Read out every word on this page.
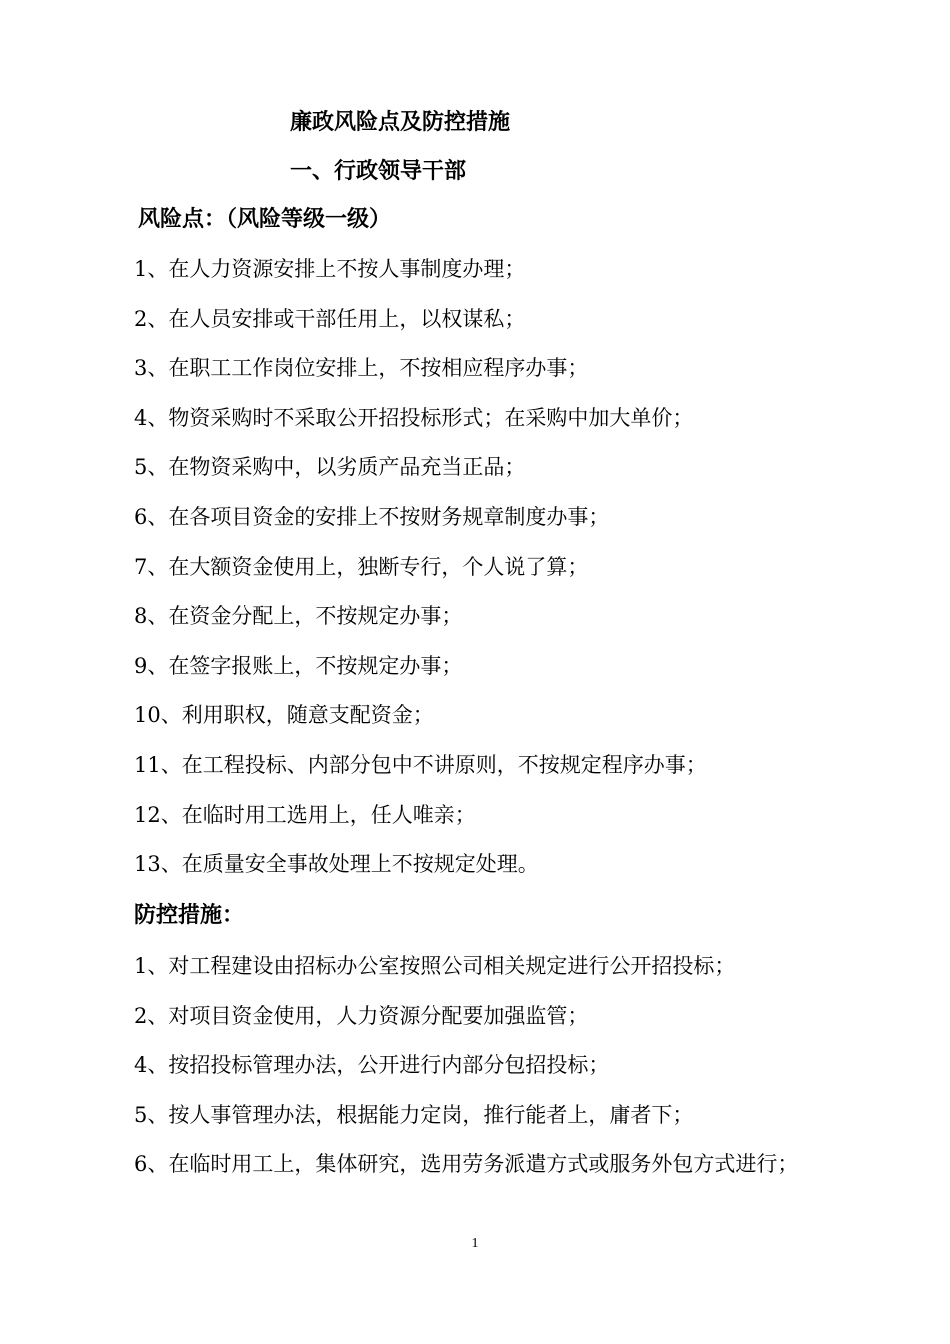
廉政风险点及防控措施
一、行政领导干部
风险点：（风险等级一级）
1、在人力资源安排上不按人事制度办理；
2、在人员安排或干部任用上，以权谋私；
3、在职工工作岗位安排上，不按相应程序办事；
4、物资采购时不采取公开招投标形式；在采购中加大单价；
5、在物资采购中，以劣质产品充当正品；
6、在各项目资金的安排上不按财务规章制度办事；
7、在大额资金使用上，独断专行，个人说了算；
8、在资金分配上，不按规定办事；
9、在签字报账上，不按规定办事；
10、利用职权，随意支配资金；
11、在工程投标、内部分包中不讲原则，不按规定程序办事；
12、在临时用工选用上，任人唯亲；
13、在质量安全事故处理上不按规定处理。
防控措施：
1、对工程建设由招标办公室按照公司相关规定进行公开招投标；
2、对项目资金使用，人力资源分配要加强监管；
4、按招投标管理办法，公开进行内部分包招投标；
5、按人事管理办法，根据能力定岗，推行能者上，庸者下；
6、在临时用工上，集体研究，选用劳务派遣方式或服务外包方式进行；
1
